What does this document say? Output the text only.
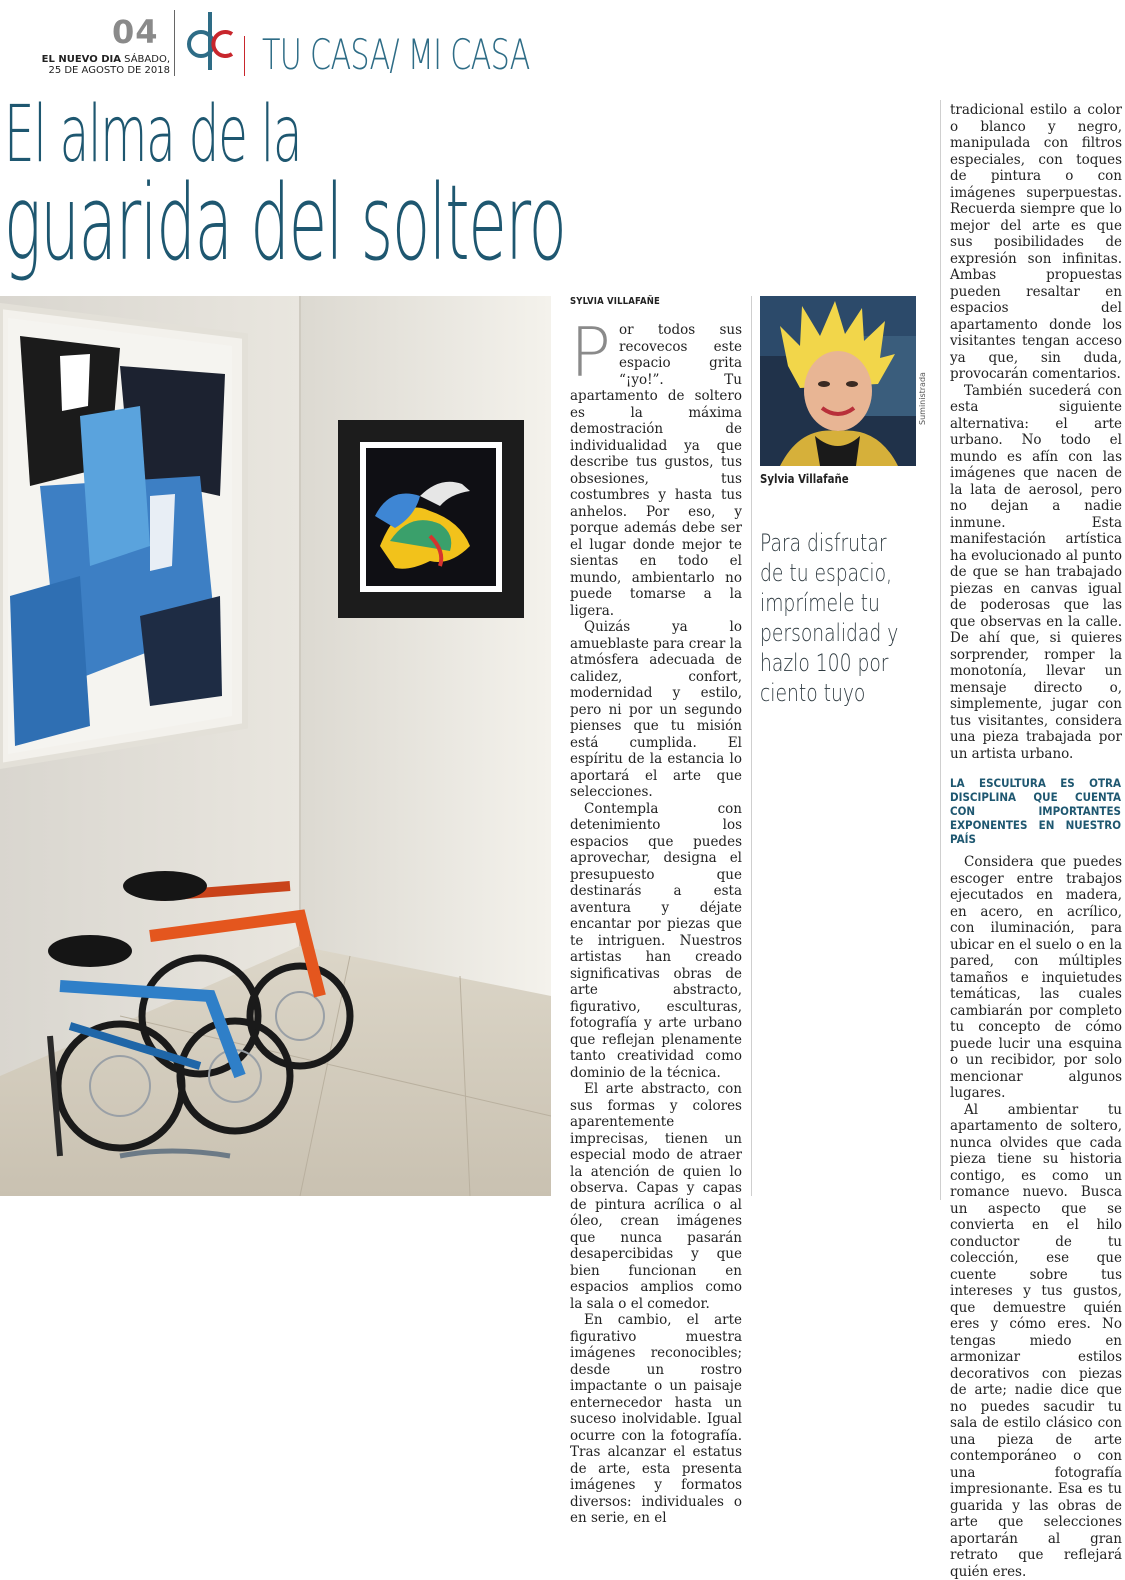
04
EL NUEVO DIA SÁBADO,
25 DE AGOSTO DE 2018 TU CASA/ MI CASA
El alma de la
guarida del soltero
SYLVIA VILLAFAÑE
P or todos sus recovecos este espacio grita “¡yo!”. Tu apartamento de soltero es la máxima demostración de individualidad ya que describe tus gustos, tus obsesiones, tus costumbres y hasta tus anhelos. Por eso, y porque además debe ser el lugar donde mejor te sientas en todo el mundo, ambientarlo no puede tomarse a la ligera.

Quizás ya lo amueblaste para crear la atmósfera adecuada de calidez, confort, modernidad y estilo, pero ni por un segundo pienses que tu misión está cumplida. El espíritu de la estancia lo aportará el arte que selecciones.

Contempla con detenimiento los espacios que puedes aprovechar, designa el presupuesto que destinarás a esta aventura y déjate encantar por piezas que te intriguen. Nuestros artistas han creado significativas obras de arte abstracto, figurativo, esculturas, fotografía y arte urbano que reflejan plenamente tanto creatividad como dominio de la técnica.

El arte abstracto, con sus formas y colores aparentemente imprecisas, tienen un especial modo de atraer la atención de quien lo observa. Capas y capas de pintura acrílica o al óleo, crean imágenes que nunca pasarán desapercibidas y que bien funcionan en espacios amplios como la sala o el comedor.

En cambio, el arte figurativo muestra imágenes reconocibles; desde un rostro impactante o un paisaje enternecedor hasta un suceso inolvidable. Igual ocurre con la fotografía. Tras alcanzar el estatus de arte, esta presenta imágenes y formatos diversos: individuales o en serie, en el

Suministrada
Sylvia Villafañe
Para disfrutar
de tu espacio,
imprímele tu
personalidad y
hazlo 100 por
ciento tuyo

tradicional estilo a color o blanco y negro, manipulada con filtros especiales, con toques de pintura o con imágenes superpuestas. Recuerda siempre que lo mejor del arte es que sus posibilidades de expresión son infinitas. Ambas propuestas pueden resaltar en espacios del apartamento donde los visitantes tengan acceso ya que, sin duda, provocarán comentarios.

También sucederá con esta siguiente alternativa: el arte urbano. No todo el mundo es afín con las imágenes que nacen de la lata de aerosol, pero no dejan a nadie inmune. Esta manifestación artística ha evolucionado al punto de que se han trabajado piezas en canvas igual de poderosas que las que observas en la calle. De ahí que, si quieres sorprender, romper la monotonía, llevar un mensaje directo o, simplemente, jugar con tus visitantes, considera una pieza trabajada por un artista urbano.

LA ESCULTURA ES OTRA DISCIPLINA QUE CUENTA CON IMPORTANTES EXPONENTES EN NUESTRO PAÍS

Considera que puedes escoger entre trabajos ejecutados en madera, en acero, en acrílico, con iluminación, para ubicar en el suelo o en la pared, con múltiples tamaños e inquietudes temáticas, las cuales cambiarán por completo tu concepto de cómo puede lucir una esquina o un recibidor, por solo mencionar algunos lugares.

Al ambientar tu apartamento de soltero, nunca olvides que cada pieza tiene su historia contigo, es como un romance nuevo. Busca un aspecto que se convierta en el hilo conductor de tu colección, ese que cuente sobre tus intereses y tus gustos, que demuestre quién eres y cómo eres. No tengas miedo en armonizar estilos decorativos con piezas de arte; nadie dice que no puedes sacudir tu sala de estilo clásico con una pieza de arte contemporáneo o con una fotografía impresionante. Esa es tu guarida y las obras de arte que selecciones aportarán al gran retrato que reflejará quién eres.
